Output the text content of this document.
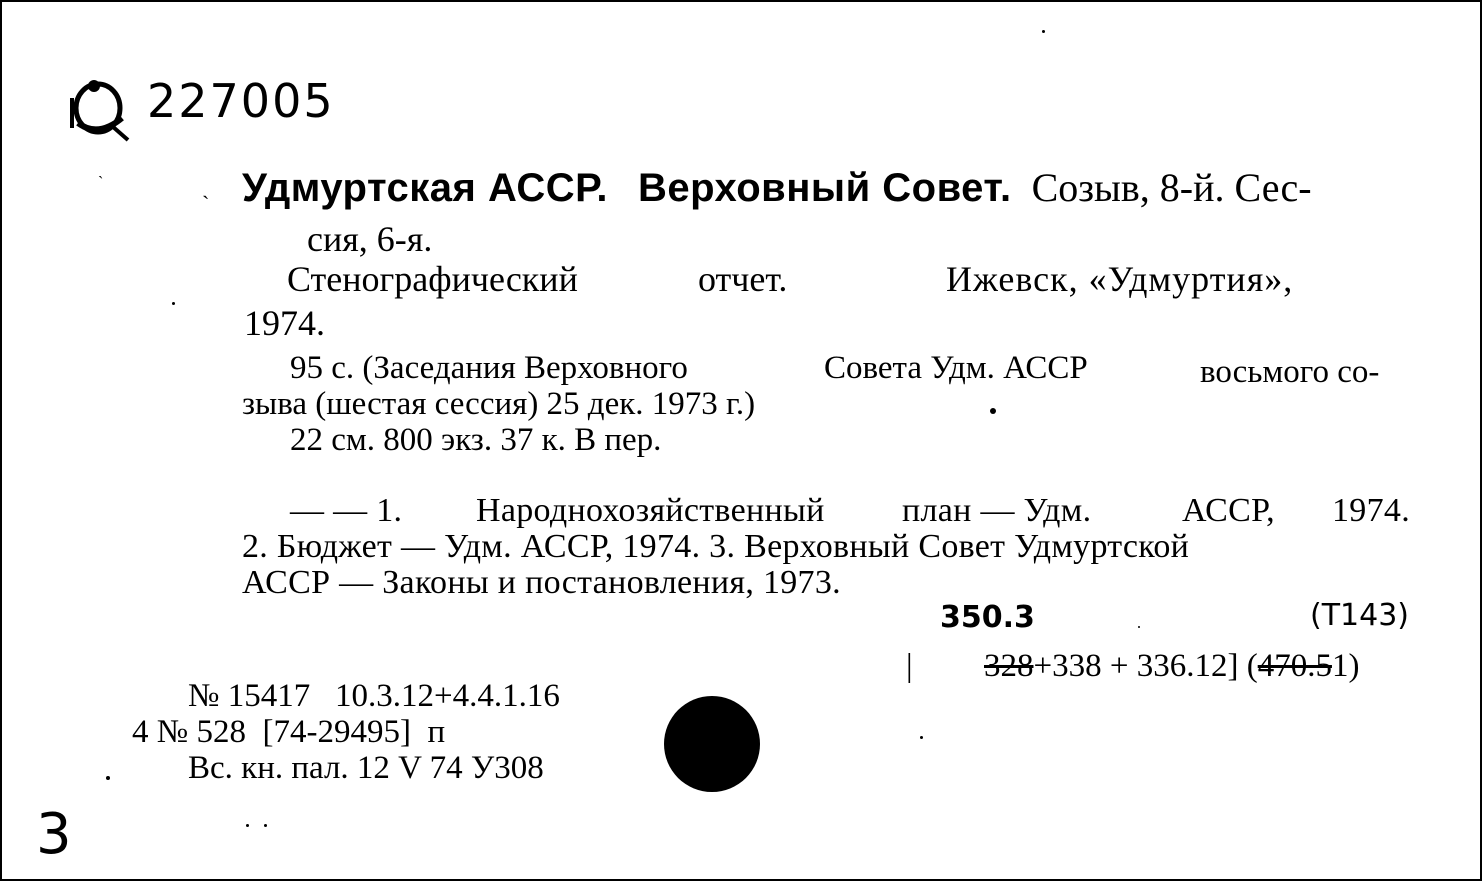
227005
ˎ
ˎ	Удмуртская АССР. Верховный Совет. Созыв, 8-й. Сес-
сия, 6-я.
Стенографический	отчет.	Ижевск, «Удмуртия»,
1974.
95 с. (Заседания Верховного	Совета Удм. АССР	восьмого со-
зыва (шестая сессия) 25 дек. 1973 г.)
22 см. 800 экз. 37 к. В пер.
— — 1. Народнохозяйственный план — Удм.	АССР, 1974.
2. Бюджет — Удм. АССР, 1974. 3. Верховный Совет Удмуртской
АССР — Законы и постановления, 1973.
350.3	(Т143)
| 328+338 + 336.12] (470.51)
№ 15417   10.3.12+4.4.1.16
4 № 528  [74-29495]  п
Вс. кн. пал. 12 V 74 У308
3
